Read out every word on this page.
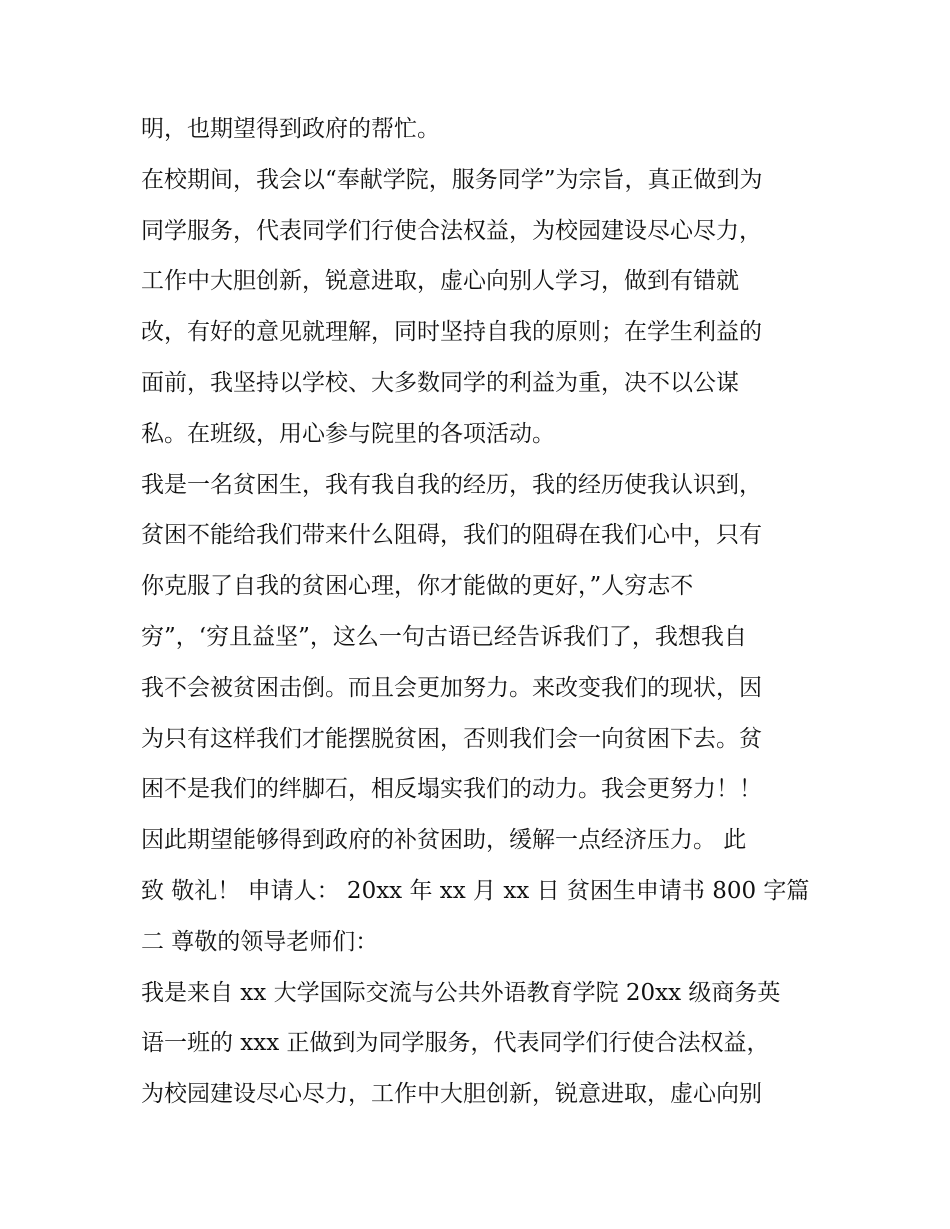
明，也期望得到政府的帮忙。
在校期间，我会以“奉献学院，服务同学”为宗旨，真正做到为
同学服务，代表同学们行使合法权益，为校园建设尽心尽力，
工作中大胆创新，锐意进取，虚心向别人学习，做到有错就
改，有好的意见就理解，同时坚持自我的原则；在学生利益的
面前，我坚持以学校、大多数同学的利益为重，决不以公谋
私。在班级，用心参与院里的各项活动。
我是一名贫困生，我有我自我的经历，我的经历使我认识到，
贫困不能给我们带来什么阻碍，我们的阻碍在我们心中，只有
你克服了自我的贫困心理，你才能做的更好，”人穷志不
穷”，‘穷且益坚”，这么一句古语已经告诉我们了，我想我自
我不会被贫困击倒。而且会更加努力。来改变我们的现状，因
为只有这样我们才能摆脱贫困，否则我们会一向贫困下去。贫
困不是我们的绊脚石，相反塌实我们的动力。我会更努力！！
因此期望能够得到政府的补贫困助，缓解一点经济压力。 此
致 敬礼！ 申请人： 20xx 年 xx 月 xx 日 贫困生申请书 800 字篇
二 尊敬的领导老师们：
我是来自 xx 大学国际交流与公共外语教育学院 20xx 级商务英
语一班的 xxx 正做到为同学服务，代表同学们行使合法权益，
为校园建设尽心尽力，工作中大胆创新，锐意进取，虚心向别
